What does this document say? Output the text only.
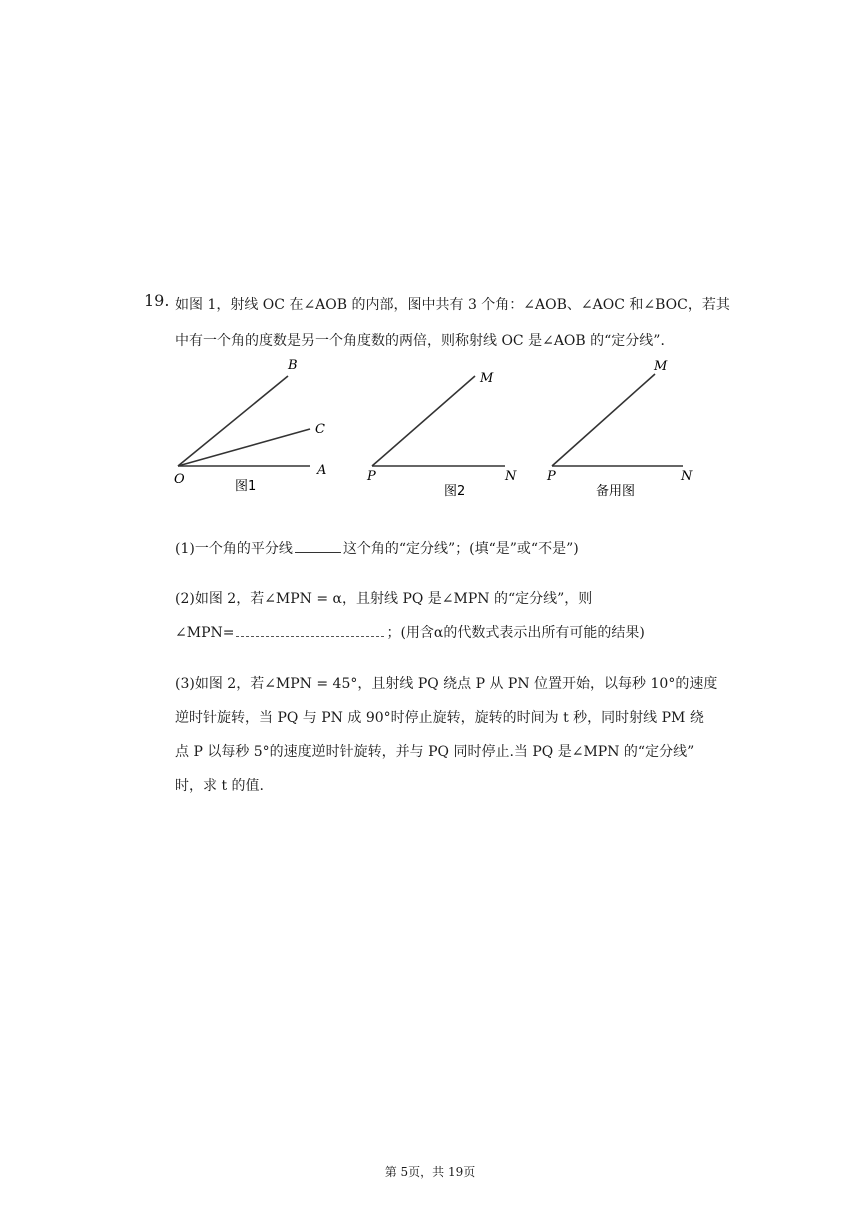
19. 如图 1，射线 OC 在∠AOB 的内部，图中共有 3 个角：∠AOB、∠AOC 和∠BOC，若其
中有一个角的度数是另一个角度数的两倍，则称射线 OC 是∠AOB 的“定分线”．
B
C
O
A
图1
M
P	N
图2
M
P	N
备用图
(1)一个角的平分线	这个角的“定分线”；(填“是”或“不是”)
(2)如图 2，若∠MPN = α，且射线 PQ 是∠MPN 的“定分线”，则
∠MPN=	；(用含α的代数式表示出所有可能的结果)
(3)如图 2，若∠MPN = 45°，且射线 PQ 绕点 P 从 PN 位置开始，以每秒 10°的速度
逆时针旋转，当 PQ 与 PN 成 90°时停止旋转，旋转的时间为 t 秒，同时射线 PM 绕
点 P 以每秒 5°的速度逆时针旋转，并与 PQ 同时停止.当 PQ 是∠MPN 的“定分线”
时，求 t 的值.
第 5页，共 19页
